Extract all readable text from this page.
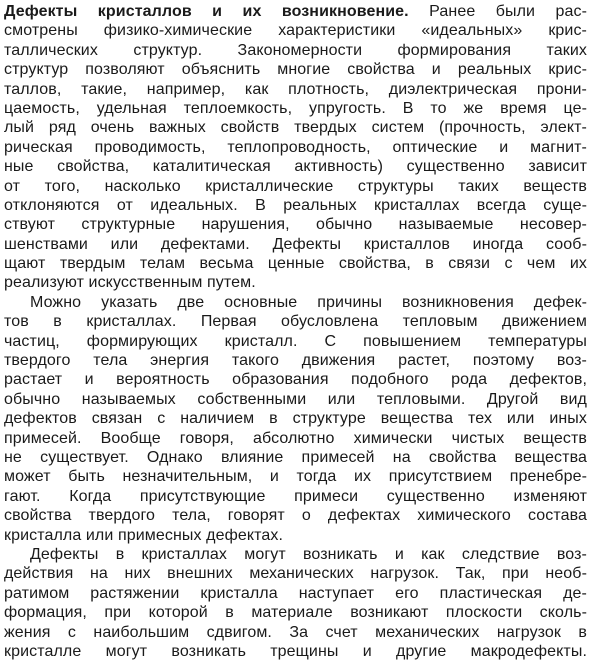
Дефекты кристаллов и их возникновение. Ранее были рас-
смотрены физико-химические характеристики «идеальных» крис-
таллических структур. Закономерности формирования таких
структур позволяют объяснить многие свойства и реальных крис-
таллов, такие, например, как плотность, диэлектрическая прони-
цаемость, удельная теплоемкость, упругость. В то же время це-
лый ряд очень важных свойств твердых систем (прочность, элект-
рическая проводимость, теплопроводность, оптические и магнит-
ные свойства, каталитическая активность) существенно зависит
от того, насколько кристаллические структуры таких веществ
отклоняются от идеальных. В реальных кристаллах всегда суще-
ствуют структурные нарушения, обычно называемые несовер-
шенствами или дефектами. Дефекты кристаллов иногда сооб-
щают твердым телам весьма ценные свойства, в связи с чем их
реализуют искусственным путем.
Можно указать две основные причины возникновения дефек-
тов в кристаллах. Первая обусловлена тепловым движением
частиц, формирующих кристалл. С повышением температуры
твердого тела энергия такого движения растет, поэтому воз-
растает и вероятность образования подобного рода дефектов,
обычно называемых собственными или тепловыми. Другой вид
дефектов связан с наличием в структуре вещества тех или иных
примесей. Вообще говоря, абсолютно химически чистых веществ
не существует. Однако влияние примесей на свойства вещества
может быть незначительным, и тогда их присутствием пренебре-
гают. Когда присутствующие примеси существенно изменяют
свойства твердого тела, говорят о дефектах химического состава
кристалла или примесных дефектах.
Дефекты в кристаллах могут возникать и как следствие воз-
действия на них внешних механических нагрузок. Так, при необ-
ратимом растяжении кристалла наступает его пластическая де-
формация, при которой в материале возникают плоскости сколь-
жения с наибольшим сдвигом. За счет механических нагрузок в
кристалле могут возникать трещины и другие макродефекты.
